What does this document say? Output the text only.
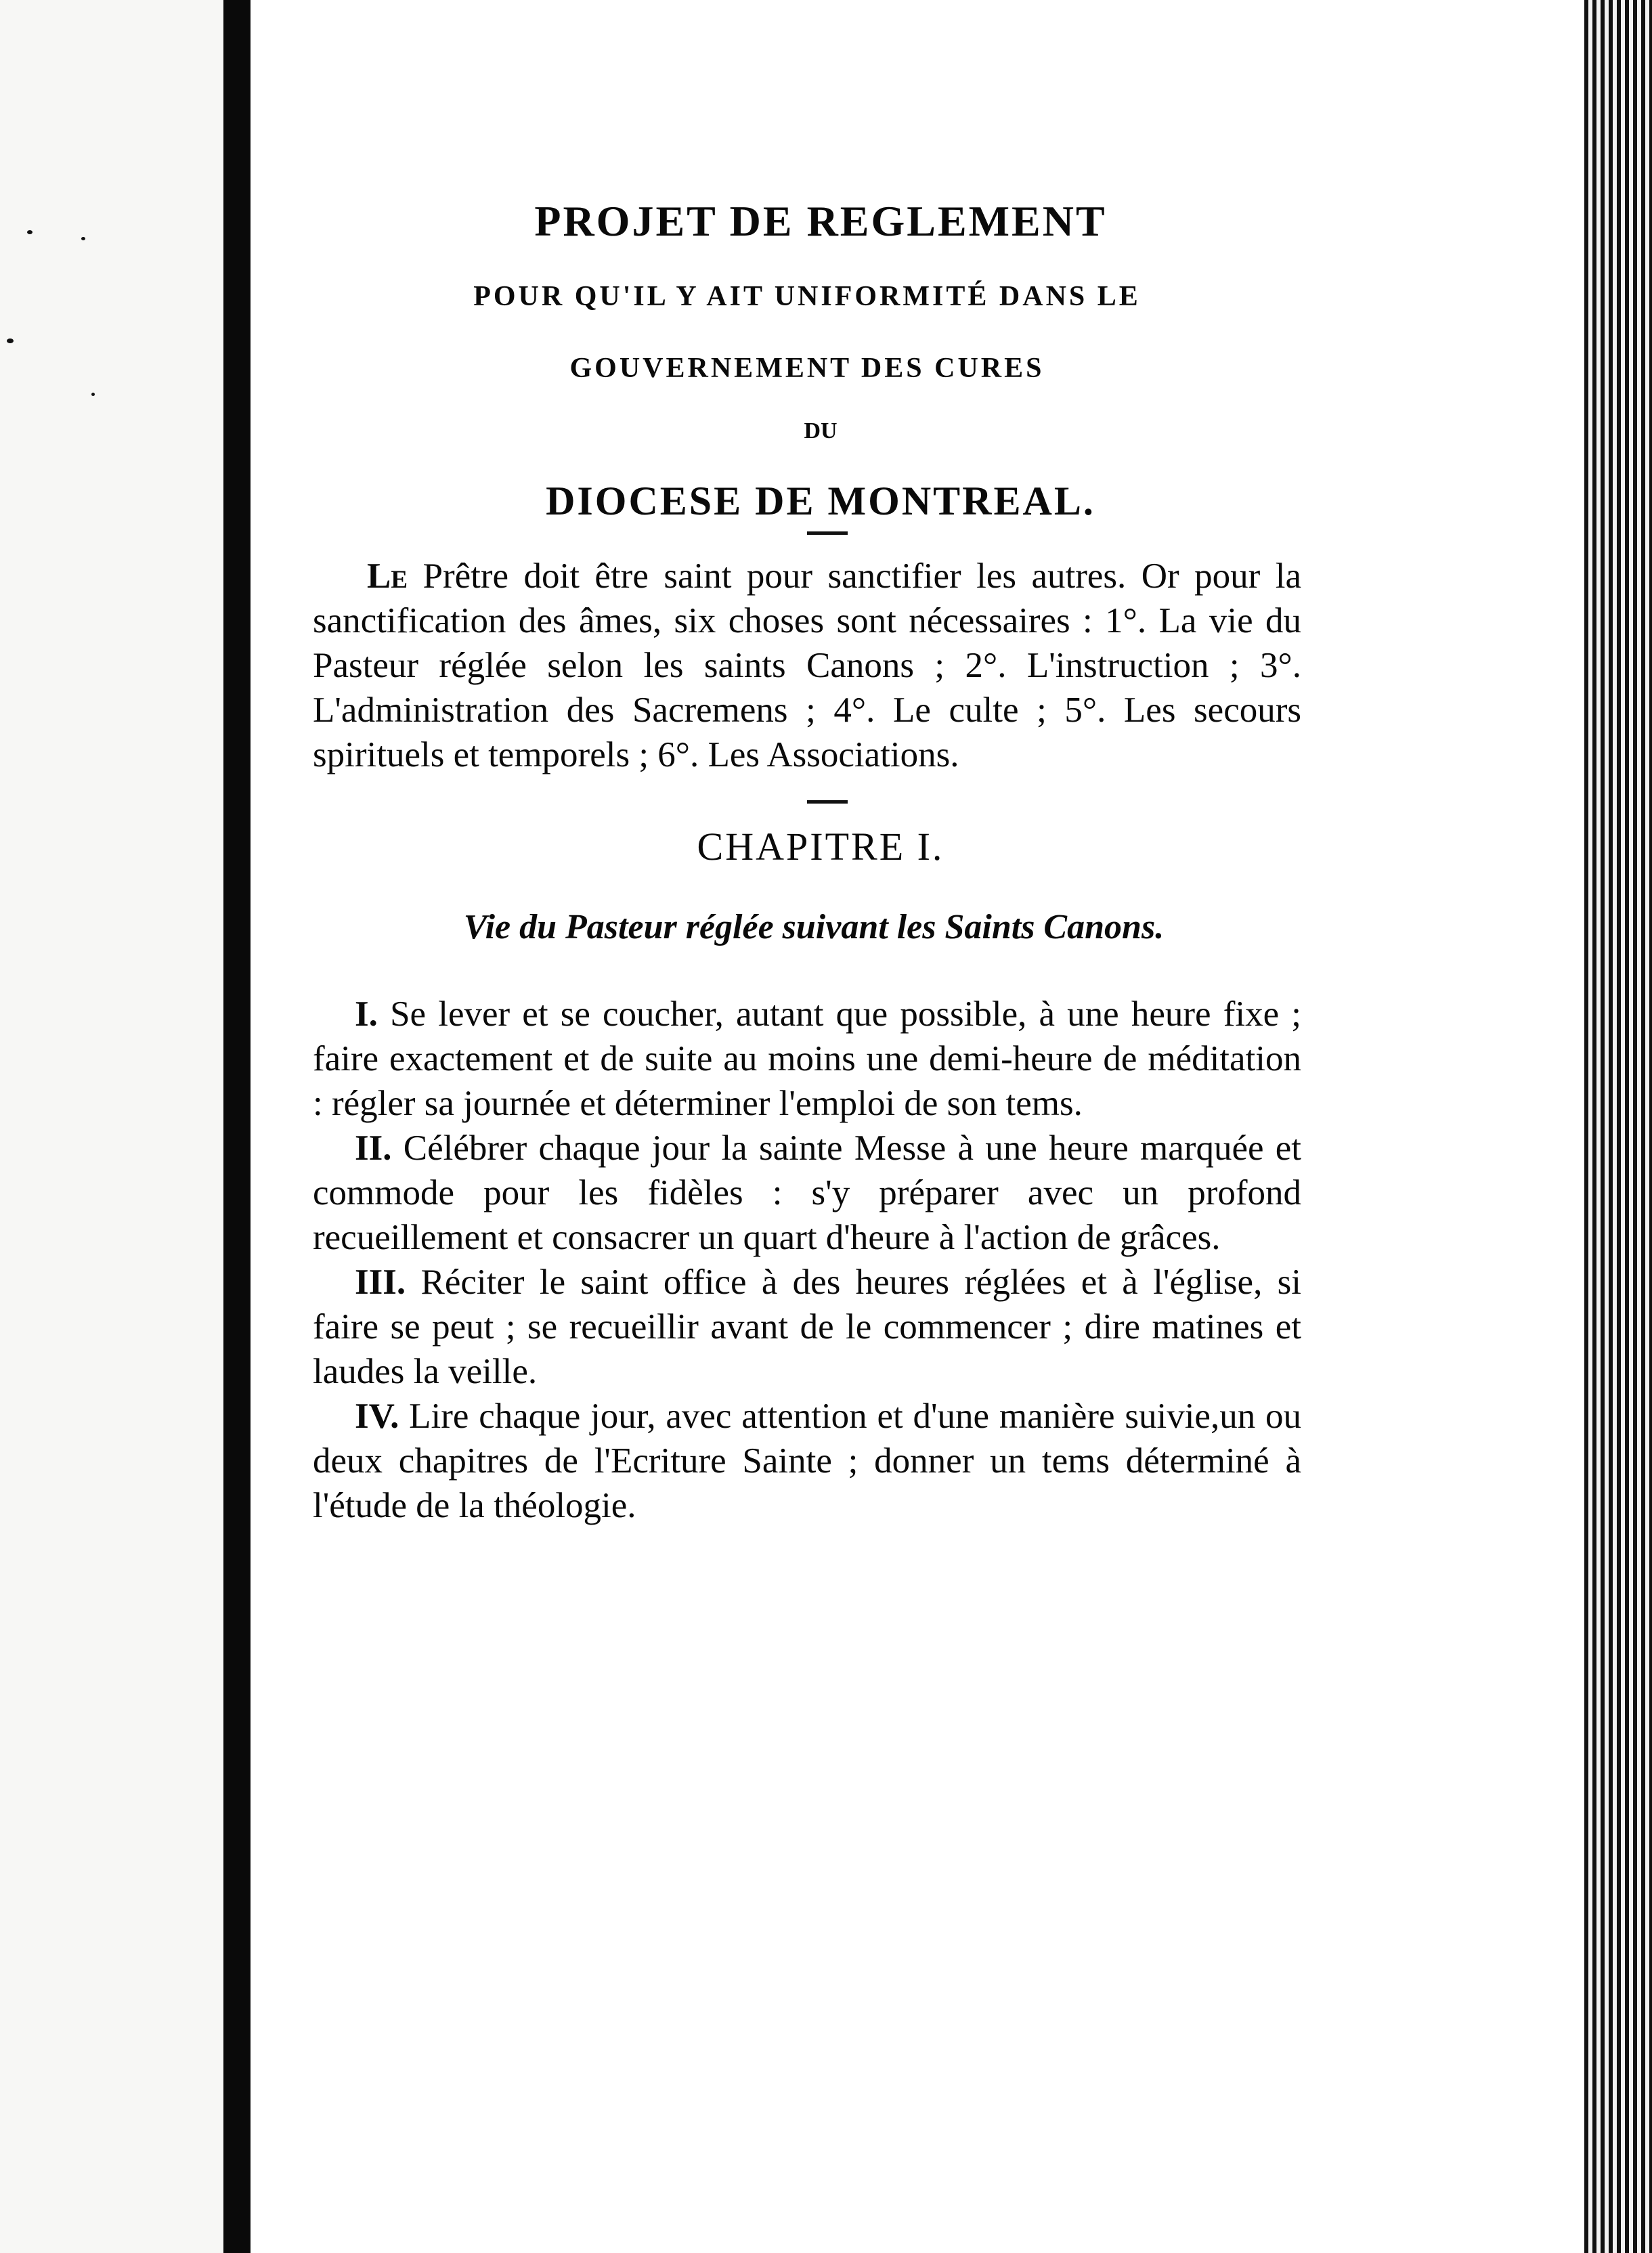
PROJET DE REGLEMENT
POUR QU'IL Y AIT UNIFORMITÉ DANS LE
GOUVERNEMENT DES CURES
DU
DIOCESE DE MONTREAL.

Le Prêtre doit être saint pour sanctifier les autres. Or pour la sanctification des âmes, six choses sont nécessaires : 1°. La vie du Pasteur réglée selon les saints Canons ; 2°. L'instruction ; 3°. L'administration des Sacremens ; 4°. Le culte ; 5°. Les secours spirituels et temporels ; 6°. Les Associations.

CHAPITRE I.
Vie du Pasteur réglée suivant les Saints Canons.

I. Se lever et se coucher, autant que possible, à une heure fixe ; faire exactement et de suite au moins une demi-heure de méditation : régler sa journée et déterminer l'emploi de son tems.

II. Célébrer chaque jour la sainte Messe à une heure marquée et commode pour les fidèles : s'y préparer avec un profond recueillement et consacrer un quart d'heure à l'action de grâces.

III. Réciter le saint office à des heures réglées et à l'église, si faire se peut ; se recueillir avant de le commencer ; dire matines et laudes la veille.

IV. Lire chaque jour, avec attention et d'une manière suivie,un ou deux chapitres de l'Ecriture Sainte ; donner un tems déterminé à l'étude de la théologie.
